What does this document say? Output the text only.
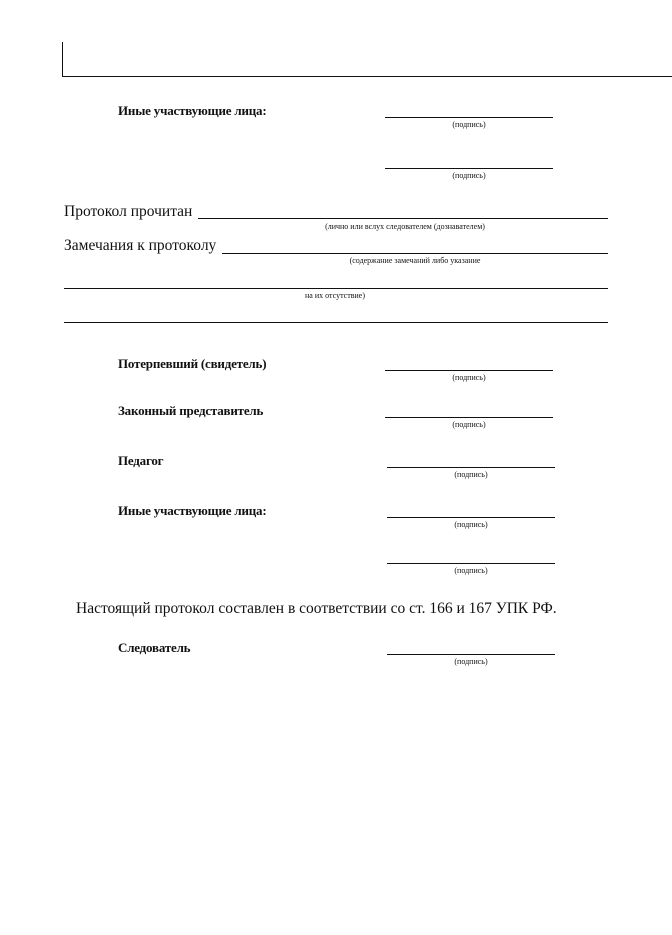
Иные участвующие лица:
(подпись)
(подпись)
Протокол прочитан
(лично или вслух следователем (дознавателем)
Замечания к протоколу
(содержание замечаний либо указание
на их отсутствие)
Потерпевший (свидетель)
(подпись)
Законный представитель
(подпись)
Педагог
(подпись)
Иные участвующие лица:
(подпись)
(подпись)
Настоящий протокол составлен в соответствии со ст. 166 и 167 УПК РФ.
Следователь
(подпись)
